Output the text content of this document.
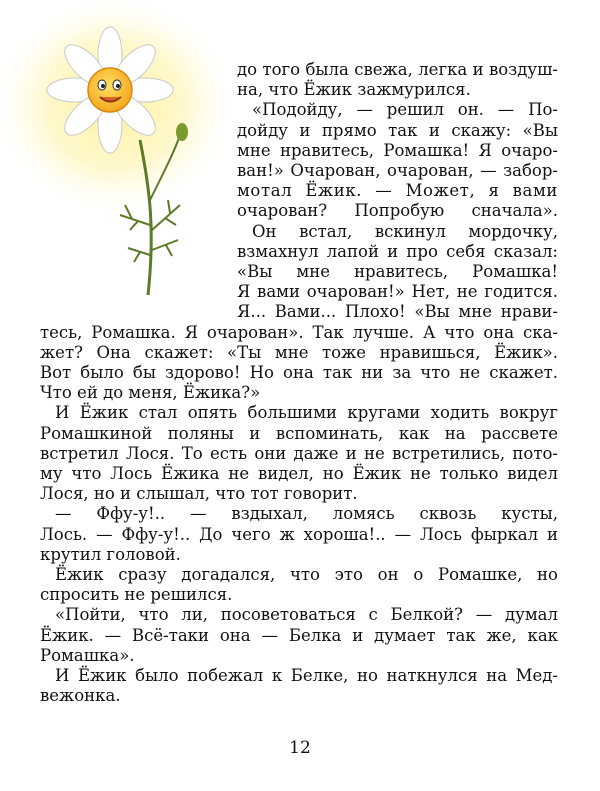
до того была свежа, легка и воздуш-
на, что Ёжик зажмурился.
«Подойду, — решил он. — По-
дойду и прямо так и скажу: «Вы
мне нравитесь, Ромашка! Я очаро-
ван!» Очарован, очарован, — забор-
мотал Ёжик. — Может, я вами
очарован? Попробую сначала».
Он встал, вскинул мордочку,
взмахнул лапой и про себя сказал:
«Вы мне нравитесь, Ромашка!
Я вами очарован!» Нет, не годится.
Я... Вами... Плохо! «Вы мне нрави-
тесь, Ромашка. Я очарован». Так лучше. А что она ска-
жет? Она скажет: «Ты мне тоже нравишься, Ёжик».
Вот было бы здорово! Но она так ни за что не скажет.
Что ей до меня, Ёжика?»
И Ёжик стал опять большими кругами ходить вокруг
Ромашкиной поляны и вспоминать, как на рассвете
встретил Лося. То есть они даже и не встретились, пото-
му что Лось Ёжика не видел, но Ёжик не только видел
Лося, но и слышал, что тот говорит.
— Ффу-у!.. — вздыхал, ломясь сквозь кусты,
Лось. — Ффу-у!.. До чего ж хороша!.. — Лось фыркал и
крутил головой.
Ёжик сразу догадался, что это он о Ромашке, но
спросить не решился.
«Пойти, что ли, посоветоваться с Белкой? — думал
Ёжик. — Всё-таки она — Белка и думает так же, как
Ромашка».
И Ёжик было побежал к Белке, но наткнулся на Мед-
вежонка.
12
